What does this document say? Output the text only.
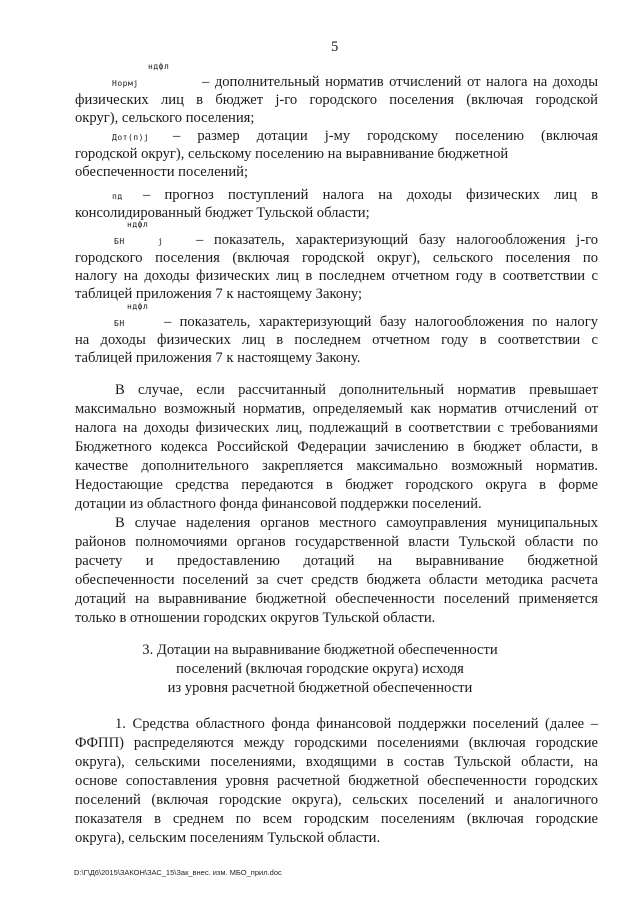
5
ндфл
Нормj	– дополнительный норматив отчислений от налога на доходы
физических лиц в бюджет j-го городского поселения (включая городской
округ), сельского поселения;
Дот(п)j – размер дотации j-му городскому поселению (включая
городской округ), сельскому поселению на выравнивание бюджетной
обеспеченности поселений;
пд – прогноз поступлений налога на доходы физических лиц в
консолидированный бюджет Тульской области;
ндфл
БН	j – показатель, характеризующий базу налогообложения j-го
городского поселения (включая городской округ), сельского поселения по
налогу на доходы физических лиц в последнем отчетном году в соответствии с
таблицей приложения 7 к настоящему Закону;
ндфл
БН	– показатель, характеризующий базу налогообложения по налогу
на доходы физических лиц в последнем отчетном году в соответствии с
таблицей приложения 7 к настоящему Закону.
В случае, если рассчитанный дополнительный норматив превышает
максимально возможный норматив, определяемый как норматив отчислений от
налога на доходы физических лиц, подлежащий в соответствии с требованиями
Бюджетного кодекса Российской Федерации зачислению в бюджет области, в
качестве дополнительного закрепляется максимально возможный норматив.
Недостающие средства передаются в бюджет городского округа в форме
дотации из областного фонда финансовой поддержки поселений.
В случае наделения органов местного самоуправления муниципальных
районов полномочиями органов государственной власти Тульской области по
расчету и предоставлению дотаций на выравнивание бюджетной
обеспеченности поселений за счет средств бюджета области методика расчета
дотаций на выравнивание бюджетной обеспеченности поселений применяется
только в отношении городских округов Тульской области.
3. Дотации на выравнивание бюджетной обеспеченности
поселений (включая городские округа) исходя
из уровня расчетной бюджетной обеспеченности
1. Средства областного фонда финансовой поддержки поселений (далее –
ФФПП) распределяются между городскими поселениями (включая городские
округа), сельскими поселениями, входящими в состав Тульской области, на
основе сопоставления уровня расчетной бюджетной обеспеченности городских
поселений (включая городские округа), сельских поселений и аналогичного
показателя в среднем по всем городским поселениям (включая городские
округа), сельским поселениям Тульской области.
D:\Г\Д6\2015\ЗАКОН\ЗАС_15\Зак_внес. изм. МБО_прил.doc
